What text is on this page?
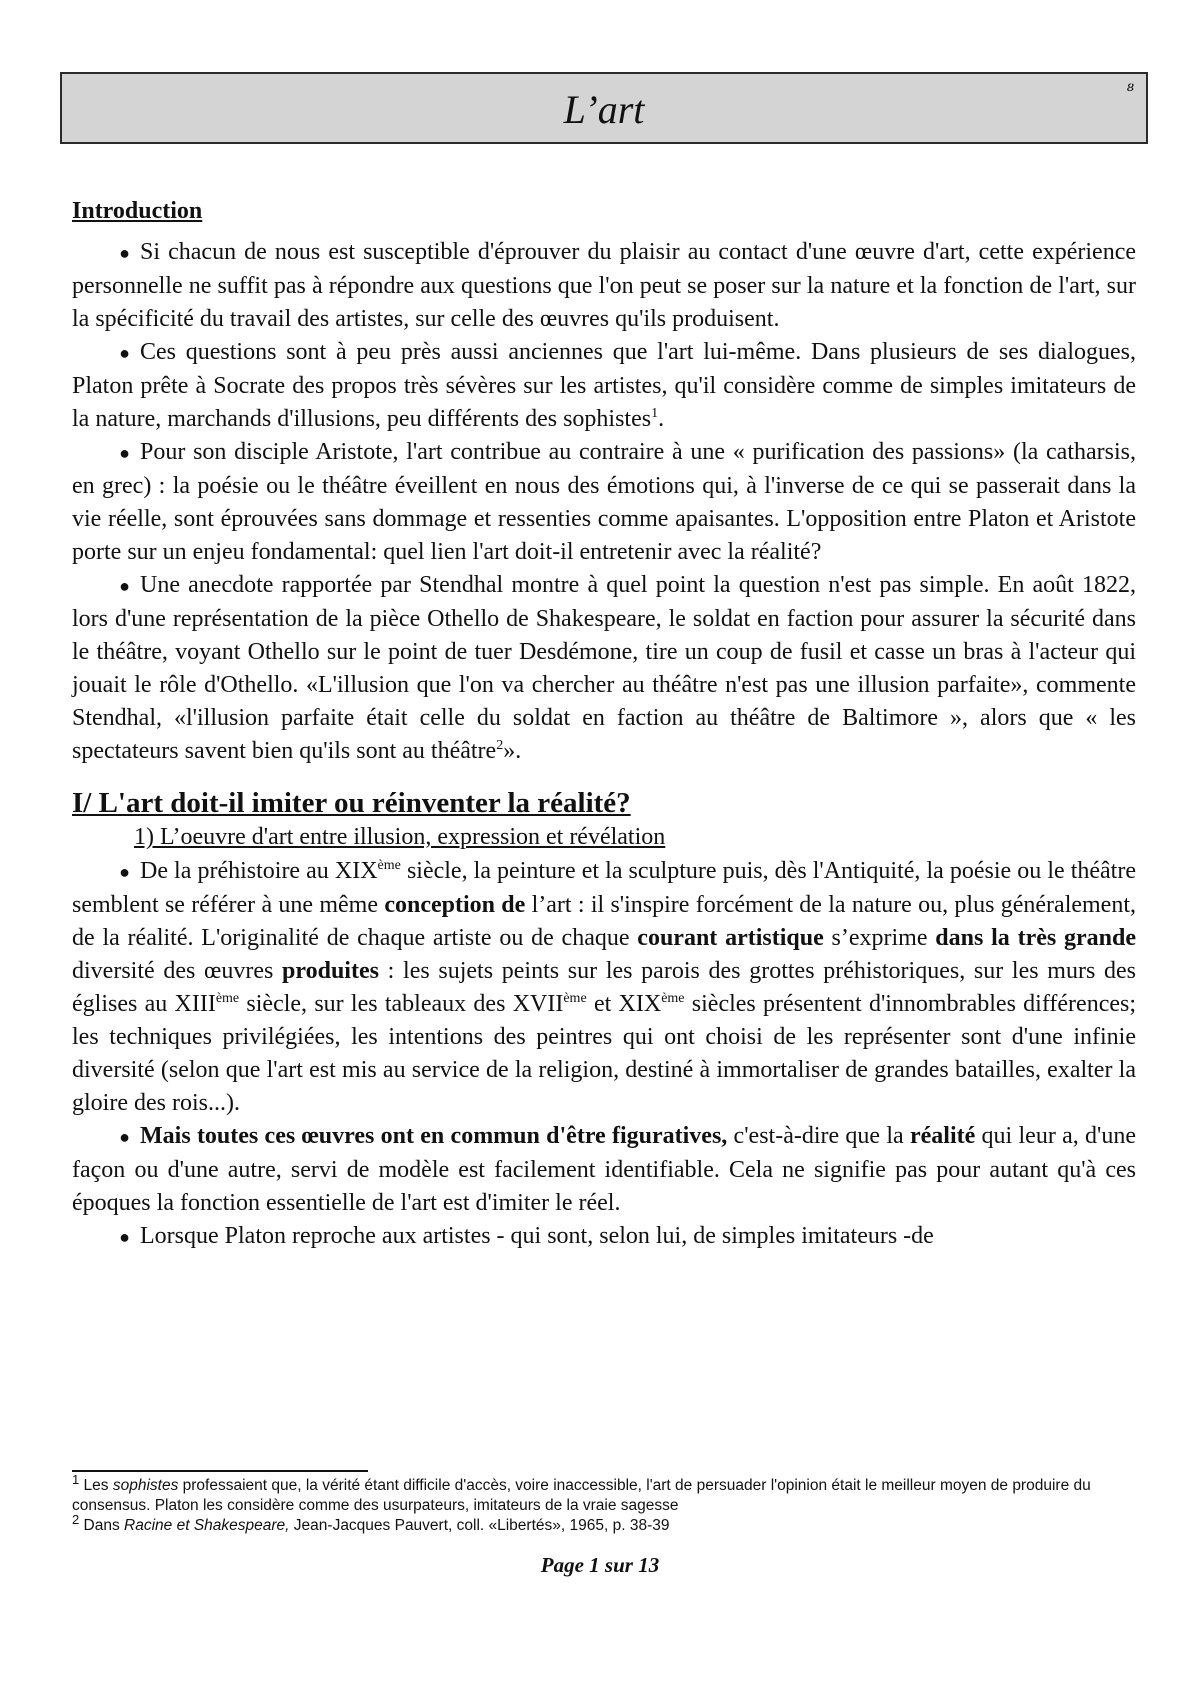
L’art
ᴕ
Introduction

● Si chacun de nous est susceptible d'éprouver du plaisir au contact d'une œuvre d'art, cette expérience personnelle ne suffit pas à répondre aux questions que l'on peut se poser sur la nature et la fonction de l'art, sur la spécificité du travail des artistes, sur celle des œuvres qu'ils produisent.

● Ces questions sont à peu près aussi anciennes que l'art lui-même. Dans plusieurs de ses dialogues, Platon prête à Socrate des propos très sévères sur les artistes, qu'il considère comme de simples imitateurs de la nature, marchands d'illusions, peu différents des sophistes$^1$.

● Pour son disciple Aristote, l'art contribue au contraire à une « purification des passions» (la catharsis, en grec) : la poésie ou le théâtre éveillent en nous des émotions qui, à l'inverse de ce qui se passerait dans la vie réelle, sont éprouvées sans dommage et ressenties comme apaisantes. L'opposition entre Platon et Aristote porte sur un enjeu fondamental: quel lien l'art doit-il entretenir avec la réalité?

● Une anecdote rapportée par Stendhal montre à quel point la question n'est pas simple. En août 1822, lors d'une représentation de la pièce Othello de Shakespeare, le soldat en faction pour assurer la sécurité dans le théâtre, voyant Othello sur le point de tuer Desdémone, tire un coup de fusil et casse un bras à l'acteur qui jouait le rôle d'Othello. «L'illusion que l'on va chercher au théâtre n'est pas une illusion parfaite», commente Stendhal, «l'illusion parfaite était celle du soldat en faction au théâtre de Baltimore », alors que « les spectateurs savent bien qu'ils sont au théâtre$^2$».

I/ L'art doit-il imiter ou réinventer la réalité?
1) L’oeuvre d'art entre illusion, expression et révélation

● De la préhistoire au XIXème siècle, la peinture et la sculpture puis, dès l'Antiquité, la poésie ou le théâtre semblent se référer à une même conception de l’art : il s'inspire forcément de la nature ou, plus généralement, de la réalité. L'originalité de chaque artiste ou de chaque courant artistique s’exprime dans la très grande diversité des œuvres produites : les sujets peints sur les parois des grottes préhistoriques, sur les murs des églises au XIIIème siècle, sur les tableaux des XVIIème et XIXème siècles présentent d'innombrables différences; les techniques privilégiées, les intentions des peintres qui ont choisi de les représenter sont d'une infinie diversité (selon que l'art est mis au service de la religion, destiné à immortaliser de grandes batailles, exalter la gloire des rois...).

● Mais toutes ces œuvres ont en commun d'être figuratives, c'est-à-dire que la réalité qui leur a, d'une façon ou d'une autre, servi de modèle est facilement identifiable. Cela ne signifie pas pour autant qu'à ces époques la fonction essentielle de l'art est d'imiter le réel.

● Lorsque Platon reproche aux artistes - qui sont, selon lui, de simples imitateurs -de

$^1$ Les sophistes professaient que, la vérité étant difficile d'accès, voire inaccessible, l'art de persuader l'opinion était le meilleur moyen de produire du consensus. Platon les considère comme des usurpateurs, imitateurs de la vraie sagesse

$^2$ Dans Racine et Shakespeare, Jean-Jacques Pauvert, coll. «Libertés», 1965, p. 38-39

Page 1 sur 13
